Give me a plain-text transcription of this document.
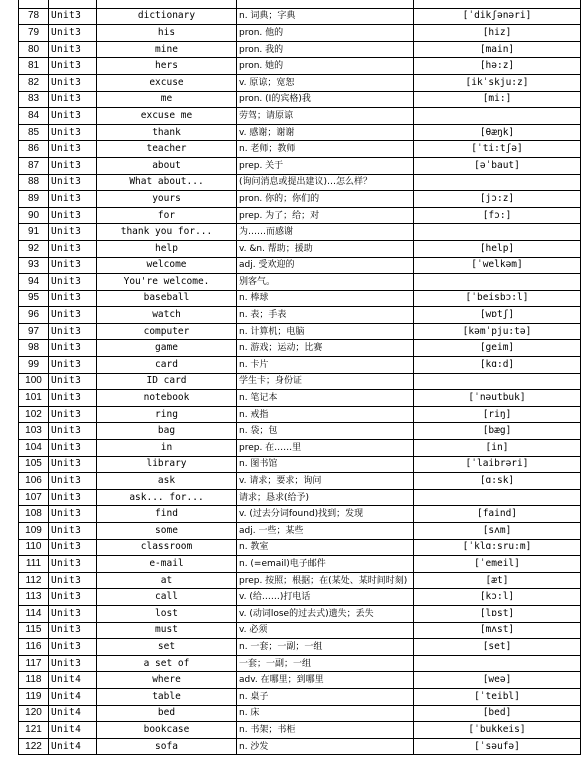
78	Unit3	dictionary	n. 词典；字典	[ˈdikʃənəri]
79	Unit3	his	pron. 他的	[hiz]
80	Unit3	mine	pron. 我的	[main]
81	Unit3	hers	pron. 她的	[hə:z]
82	Unit3	excuse	v. 原谅；宽恕	[ikˈskju:z]
83	Unit3	me	pron. (I的宾格)我	[mi:]
84	Unit3	excuse me	劳驾；请原谅	
85	Unit3	thank	v. 感谢；谢谢	[θæŋk]
86	Unit3	teacher	n. 老师；教师	[ˈti:tʃə]
87	Unit3	about	prep. 关于	[əˈbaut]
88	Unit3	What about...	(询问消息或提出建议)…怎么样？	
89	Unit3	yours	pron. 你的；你们的	[jɔ:z]
90	Unit3	for	prep. 为了；给；对	[fɔ:]
91	Unit3	thank you for...	为……而感谢	
92	Unit3	help	v. &n. 帮助；援助	[help]
93	Unit3	welcome	adj. 受欢迎的	[ˈwelkəm]
94	Unit3	You're welcome.	别客气。	
95	Unit3	baseball	n. 棒球	[ˈbeisbɔ:l]
96	Unit3	watch	n. 表；手表	[wɒtʃ]
97	Unit3	computer	n. 计算机；电脑	[kəmˈpju:tə]
98	Unit3	game	n. 游戏；运动；比赛	[geim]
99	Unit3	card	n. 卡片	[kɑ:d]
100	Unit3	ID card	学生卡；身份证	
101	Unit3	notebook	n. 笔记本	[ˈnəutbuk]
102	Unit3	ring	n. 戒指	[riŋ]
103	Unit3	bag	n. 袋；包	[bæg]
104	Unit3	in	prep. 在……里	[in]
105	Unit3	library	n. 图书馆	[ˈlaibrəri]
106	Unit3	ask	v. 请求；要求；询问	[ɑ:sk]
107	Unit3	ask... for...	请求；恳求(给予)	
108	Unit3	find	v. (过去分词found)找到；发现	[faind]
109	Unit3	some	adj. 一些；某些	[sʌm]
110	Unit3	classroom	n. 教室	[ˈklɑ:sru:m]
111	Unit3	e-mail	n. (=email)电子邮件	[ˈemeil]
112	Unit3	at	prep. 按照；根据；在(某处、某时间时刻)	[æt]
113	Unit3	call	v. (给……)打电话	[kɔ:l]
114	Unit3	lost	v. (动词lose的过去式)遗失；丢失	[lɒst]
115	Unit3	must	v. 必须	[mʌst]
116	Unit3	set	n. 一套；一副；一组	[set]
117	Unit3	a set of	一套；一副；一组	
118	Unit4	where	adv. 在哪里；到哪里	[weə]
119	Unit4	table	n. 桌子	[ˈteibl]
120	Unit4	bed	n. 床	[bed]
121	Unit4	bookcase	n. 书架；书柜	[ˈbukkeis]
122	Unit4	sofa	n. 沙发	[ˈsəufə]
